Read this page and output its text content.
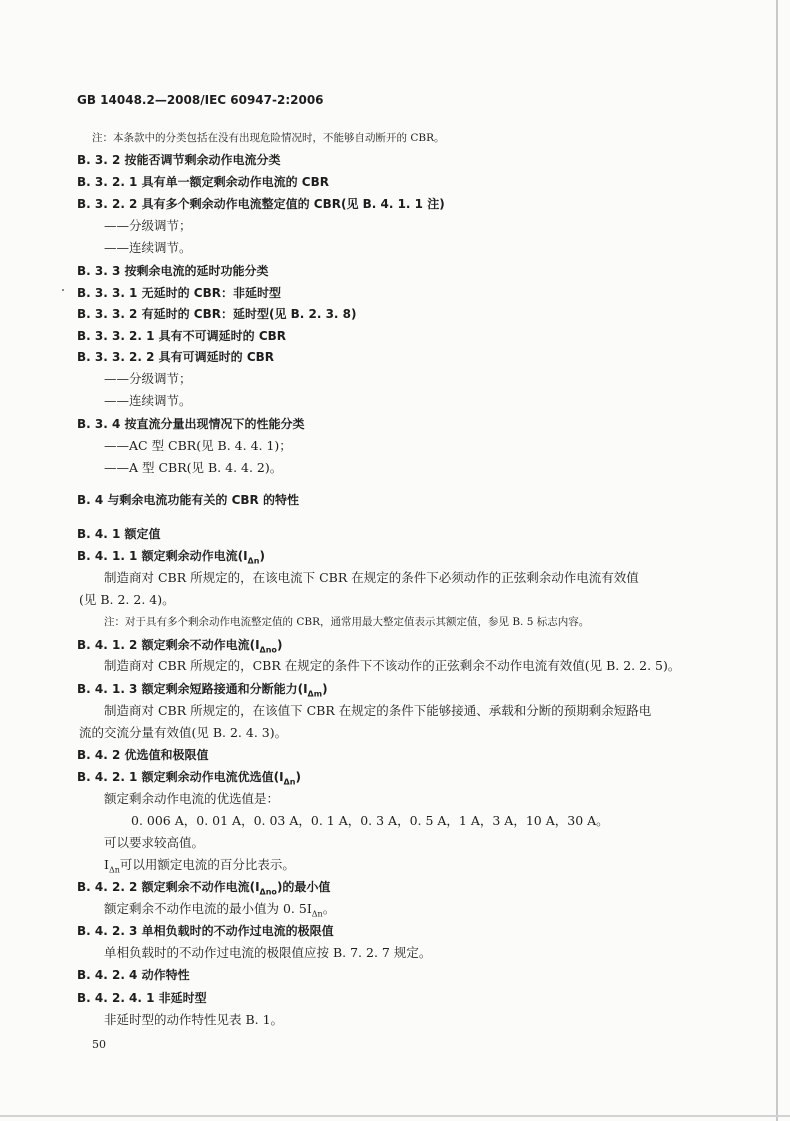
GB 14048.2—2008/IEC 60947-2:2006
注：本条款中的分类包括在没有出现危险情况时，不能够自动断开的 CBR。
B. 3. 2 按能否调节剩余动作电流分类
B. 3. 2. 1 具有单一额定剩余动作电流的 CBR
B. 3. 2. 2 具有多个剩余动作电流整定值的 CBR(见 B. 4. 1. 1 注)
——分级调节；
——连续调节。
B. 3. 3 按剩余电流的延时功能分类
B. 3. 3. 1 无延时的 CBR：非延时型
B. 3. 3. 2 有延时的 CBR：延时型(见 B. 2. 3. 8)
B. 3. 3. 2. 1 具有不可调延时的 CBR
B. 3. 3. 2. 2 具有可调延时的 CBR
——分级调节；
——连续调节。
B. 3. 4 按直流分量出现情况下的性能分类
——AC 型 CBR(见 B. 4. 4. 1)；
——A 型 CBR(见 B. 4. 4. 2)。
B. 4 与剩余电流功能有关的 CBR 的特性
B. 4. 1 额定值
B. 4. 1. 1 额定剩余动作电流$(I_{\Delta n})$
制造商对 CBR 所规定的，在该电流下 CBR 在规定的条件下必须动作的正弦剩余动作电流有效值
(见 B. 2. 2. 4)。
注：对于具有多个剩余动作电流整定值的 CBR，通常用最大整定值表示其额定值，参见 B. 5 标志内容。
B. 4. 1. 2 额定剩余不动作电流$(I_{\Delta no})$
制造商对 CBR 所规定的，CBR 在规定的条件下不该动作的正弦剩余不动作电流有效值(见 B. 2. 2. 5)。
B. 4. 1. 3 额定剩余短路接通和分断能力$(I_{\Delta m})$
制造商对 CBR 所规定的，在该值下 CBR 在规定的条件下能够接通、承载和分断的预期剩余短路电
流的交流分量有效值(见 B. 2. 4. 3)。
B. 4. 2 优选值和极限值
B. 4. 2. 1 额定剩余动作电流优选值$(I_{\Delta n})$
额定剩余动作电流的优选值是：
0. 006 A，0. 01 A，0. 03 A，0. 1 A，0. 3 A，0. 5 A，1 A，3 A，10 A，30 A。
可以要求较高值。
$I_{\Delta n}$可以用额定电流的百分比表示。
B. 4. 2. 2 额定剩余不动作电流$(I_{\Delta no})$的最小值
额定剩余不动作电流的最小值为 0. $5I_{\Delta n}$。
B. 4. 2. 3 单相负载时的不动作过电流的极限值
单相负载时的不动作过电流的极限值应按 B. 7. 2. 7 规定。
B. 4. 2. 4 动作特性
B. 4. 2. 4. 1 非延时型
非延时型的动作特性见表 B. 1。
50
